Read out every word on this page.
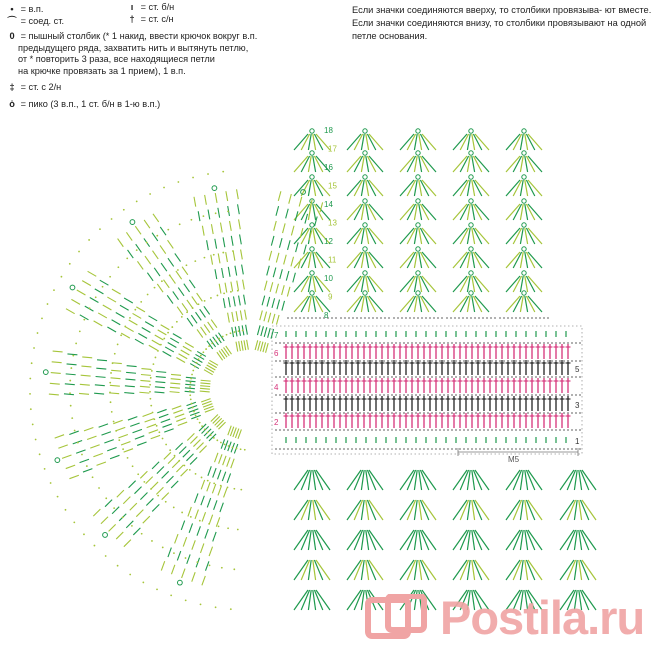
• = в.п.
⌒ = соед. ст.
ı = ст. б/н
† = ст. с/н
0 = пышный столбик (* 1 накид, ввести крючок вокруг в.п.
предыдущего ряда, захватить нить и вытянуть петлю,
от * повторить 3 раза, все находящиеся петли
на крючке провязать за 1 прием), 1 в.п.
‡ = ст. с 2/н
ȯ = пико (3 в.п., 1 ст. б/н в 1-ю в.п.)
Если значки соединяются вверху, то столбики провязыва- ют вместе. Если значки соединяются внизу, то столбики провязывают на одной петле основания.
M5
1
3
5
2
4
6
7
8
9
10
11
12
13
14
15
16
17
18
Postila.ru
